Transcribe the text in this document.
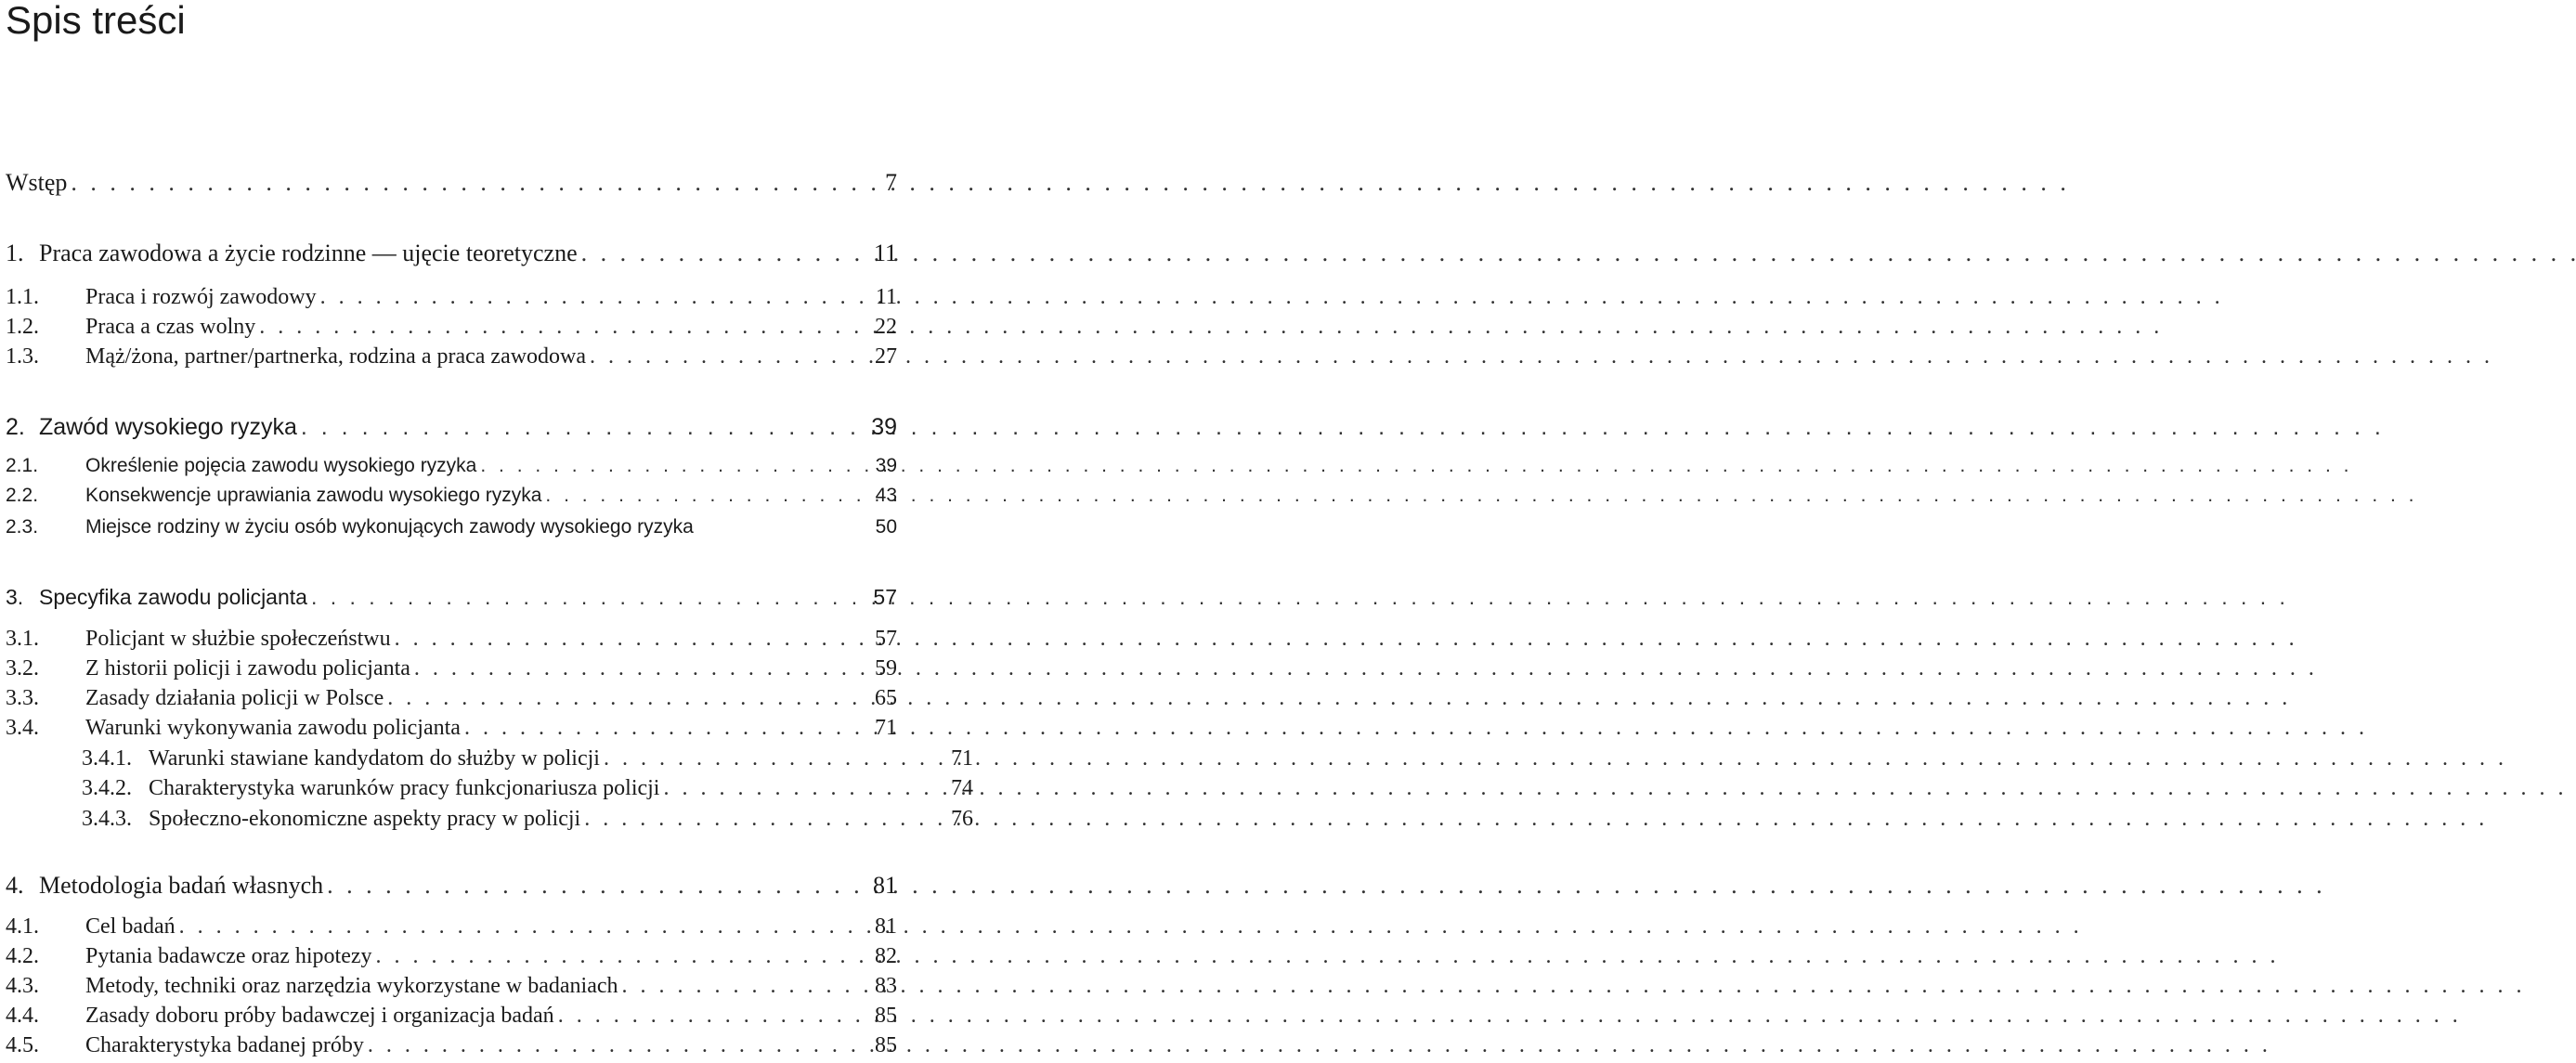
Spis treści
Wstęp . . .	7
1. Praca zawodowa a życie rodzinne — ujęcie teoretyczne . . .	11
1.1.	Praca i rozwój zawodowy . . .	11
1.2.	Praca a czas wolny . . .	22
1.3.	Mąż/żona, partner/partnerka, rodzina a praca zawodowa . . .	27
2. Zawód wysokiego ryzyka . . .	39
2.1.	Określenie pojęcia zawodu wysokiego ryzyka . . .	39
2.2.	Konsekwencje uprawiania zawodu wysokiego ryzyka . . .	43
2.3.	Miejsce rodziny w życiu osób wykonujących zawody wysokiego ryzyka	50
3. Specyfika zawodu policjanta . . .	57
3.1.	Policjant w służbie społeczeństwu . . .	57
3.2.	Z historii policji i zawodu policjanta . . .	59
3.3.	Zasady działania policji w Polsce . . .	65
3.4.	Warunki wykonywania zawodu policjanta . . .	71
3.4.1. Warunki stawiane kandydatom do służby w policji . . .	71
3.4.2. Charakterystyka warunków pracy funkcjonariusza policji . . .	74
3.4.3. Społeczno-ekonomiczne aspekty pracy w policji . . .	76
4. Metodologia badań własnych . . .	81
4.1.	Cel badań . . .	81
4.2.	Pytania badawcze oraz hipotezy . . .	82
4.3.	Metody, techniki oraz narzędzia wykorzystane w badaniach . . .	83
4.4.	Zasady doboru próby badawczej i organizacja badań . . .	85
4.5.	Charakterystyka badanej próby . . .	85
